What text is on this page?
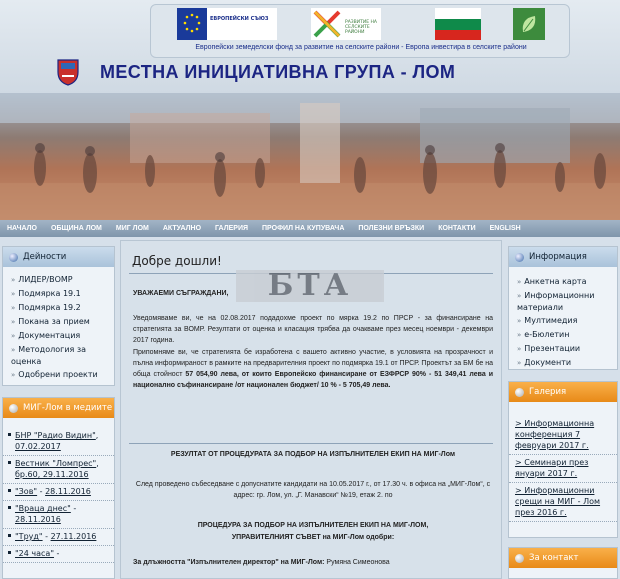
ЕВРОПЕЙСКИ СЪЮЗ
РАЗВИТИЕ НА СЕЛСКИТЕ РАЙОНИ
Европейски земеделски фонд за развитие на селските райони - Европа инвестира в селските райони
МЕСТНА ИНИЦИАТИВНА ГРУПА - ЛОМ
НАЧАЛО	ОБЩИНА ЛОМ	МИГ ЛОМ	АКТУАЛНО	ГАЛЕРИЯ	ПРОФИЛ НА КУПУВАЧА	ПОЛЕЗНИ ВРЪЗКИ	КОНТАКТИ	ENGLISH
Дейности
» ЛИДЕР/ВОМР
» Подмярка 19.1
» Подмярка 19.2
» Покана за прием
» Документация
» Методология за оценка
» Одобрени проекти
МИГ-Лом в медиите
БНР "Радио Видин",
07.02.2017
Вестник "Ломпрес",
бр.60, 29.11.2016
"Зов" - 28.11.2016
"Враца днес" -
28.11.2016
"Труд" - 27.11.2016
"24 часа" -
Добре дошли!
УВАЖАЕМИ СЪГРАЖДАНИ,
Уведомяваме ви, че на 02.08.2017 подадохме проект по мярка 19.2 по ПРСР - за финансиране на стратегията за ВОМР. Резултати от оценка и класация трябва да очакваме през месец ноември - декември 2017 година.
Припомняме ви, че стратегията бе изработена с вашето активно участие, в условията на прозрачност и пълна информираност в рамките на предварителния проект по подмярка 19.1 от ПРСР. Проектът за БМ бе на обща стойност 57 054,90 лева, от които Европейско финансиране от ЕЗФРСР 90% - 51 349,41 лева и национално съфинансиране /от национален бюджет/ 10 % - 5 705,49 лева.
РЕЗУЛТАТ ОТ ПРОЦЕДУРАТА ЗА ПОДБОР НА ИЗПЪЛНИТЕЛЕН ЕКИП НА МИГ-Лом
След проведено събеседване с допуснатите кандидати на 10.05.2017 г., от 17.30 ч. в офиса на „МИГ-Лом“, с адрес: гр. Лом, ул. „Г. Манавски“ №19, етаж 2. по
ПРОЦЕДУРА ЗА ПОДБОР НА ИЗПЪЛНИТЕЛЕН ЕКИП НА МИГ-ЛОМ,
УПРАВИТЕЛНИЯТ СЪВЕТ на МИГ-Лом одобри:
За длъжността "Изпълнителен директор" на МИГ-Лом: Румяна Симеонова
БТА
Информация
» Анкетна карта
» Информационни материали
» Мултимедия
» е-Бюлетин
» Презентации
» Документи
Галерия
> Информационна конференция 7 февруари 2017 г.
> Семинари през януари 2017 г.
> Информационни срещи на МИГ - Лом през 2016 г.
За контакт
